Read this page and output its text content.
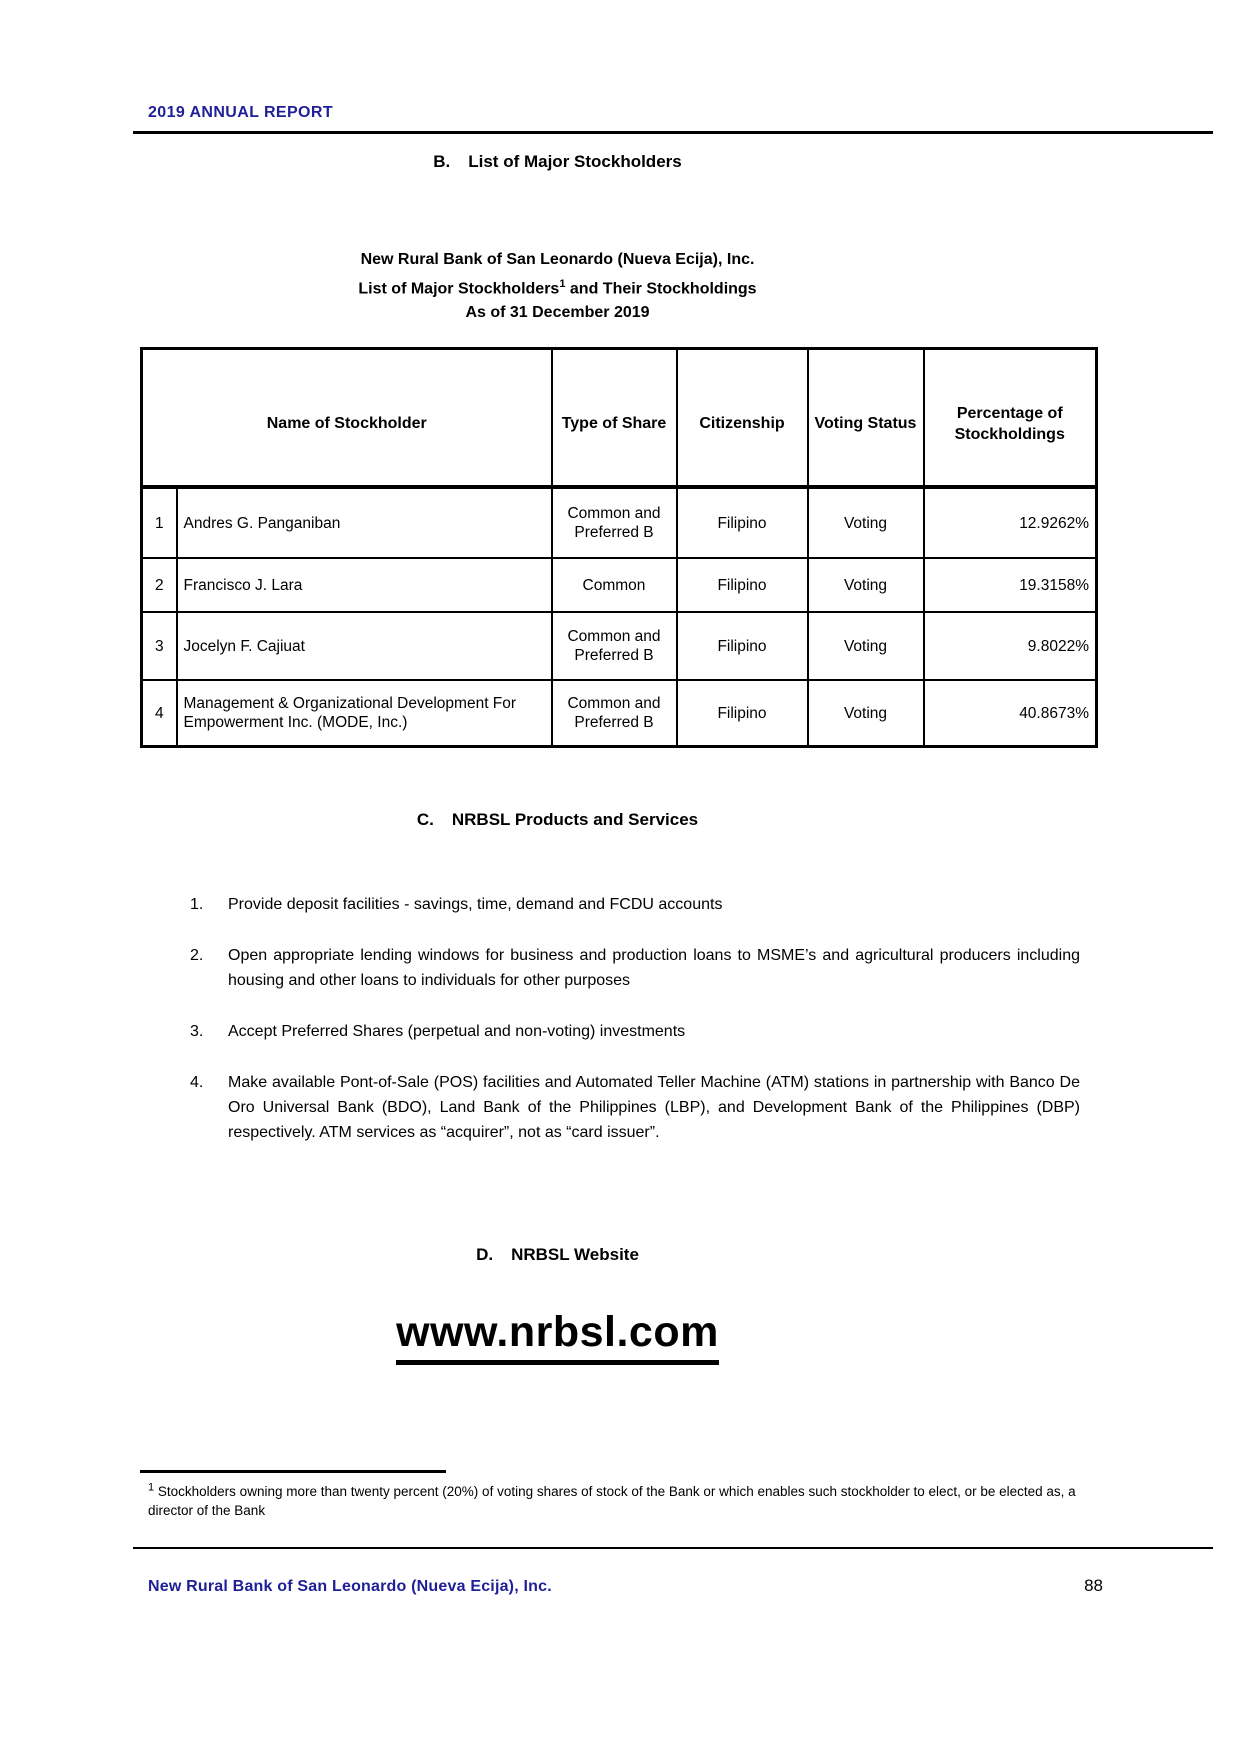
2019 ANNUAL REPORT
B. List of Major Stockholders
New Rural Bank of San Leonardo (Nueva Ecija), Inc.
List of Major Stockholders$^1$ and Their Stockholdings
As of 31 December 2019
Name of Stockholder		Type of Share	Citizenship	Voting Status	Percentage of Stockholdings
1	Andres G. Panganiban	Common and Preferred B	Filipino	Voting	12.9262%
2	Francisco J. Lara	Common	Filipino	Voting	19.3158%
3	Jocelyn F. Cajiuat	Common and Preferred B	Filipino	Voting	9.8022%
4	Management & Organizational Development For Empowerment Inc. (MODE, Inc.)	Common and Preferred B	Filipino	Voting	40.8673%
C. NRBSL Products and Services
1. Provide deposit facilities - savings, time, demand and FCDU accounts
2. Open appropriate lending windows for business and production loans to MSME’s and agricultural producers including housing and other loans to individuals for other purposes
3. Accept Preferred Shares (perpetual and non-voting) investments
4. Make available Pont-of-Sale (POS) facilities and Automated Teller Machine (ATM) stations in partnership with Banco De Oro Universal Bank (BDO), Land Bank of the Philippines (LBP), and Development Bank of the Philippines (DBP) respectively. ATM services as “acquirer”, not as “card issuer”.
D. NRBSL Website
www.nrbsl.com
$^1$ Stockholders owning more than twenty percent (20%) of voting shares of stock of the Bank or which enables such stockholder to elect, or be elected as, a director of the Bank
New Rural Bank of San Leonardo (Nueva Ecija), Inc.	88
